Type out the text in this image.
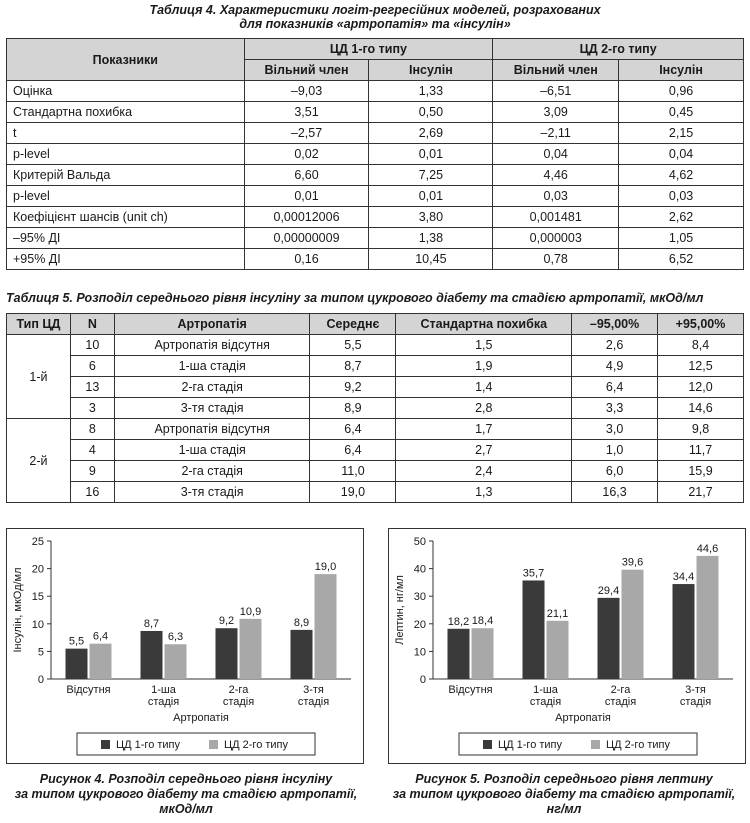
Таблиця 4. Характеристики логіт-регресійних моделей, розрахованих
для показників «артропатія» та «інсулін»
Показники	ЦД 1-го типу		ЦД 2-го типу	
	Вільний член	Інсулін	Вільний член	Інсулін
Оцінка	–9,03	1,33	–6,51	0,96
Стандартна похибка	3,51	0,50	3,09	0,45
t	–2,57	2,69	–2,11	2,15
p-level	0,02	0,01	0,04	0,04
Критерій Вальда	6,60	7,25	4,46	4,62
p-level	0,01	0,01	0,03	0,03
Коефіцієнт шансів (unit ch)	0,00012006	3,80	0,001481	2,62
–95% ДІ	0,00000009	1,38	0,000003	1,05
+95% ДІ	0,16	10,45	0,78	6,52
Таблиця 5. Розподіл середнього рівня інсуліну за типом цукрового діабету та стадією артропатії, мкОд/мл
Тип ЦД	N	Артропатія	Середнє	Стандартна похибка	–95,00%	+95,00%
1-й	10	Артропатія відсутня	5,5	1,5	2,6	8,4
	6	1-ша стадія	8,7	1,9	4,9	12,5
	13	2-га стадія	9,2	1,4	6,4	12,0
	3	3-тя стадія	8,9	2,8	3,3	14,6
2-й	8	Артропатія відсутня	6,4	1,7	3,0	9,8
	4	1-ша стадія	6,4	2,7	1,0	11,7
	9	2-га стадія	11,0	2,4	6,0	15,9
	16	3-тя стадія	19,0	1,3	16,3	21,7
0
5
10
15
20
25
Інсулін, мкОд/мл	5,5 6,4
Відсутня
8,7
6,3
1-ша
стадія
9,2
10,9
2-га
стадія
8,9
19,0
3-тя
стадія
Артропатія
ЦД 1-го типу	ЦД 2-го типу
0
10
20
30
40
50
Лептин, нг/мл	18,2 18,4
Відсутня
35,7
21,1
1-ша
стадія
29,4
39,6
2-га
стадія
34,4
44,6
3-тя
стадія
Артропатія
ЦД 1-го типу	ЦД 2-го типу
Рисунок 4. Розподіл середнього рівня інсуліну
за типом цукрового діабету та стадією артропатії,
мкОд/мл
Рисунок 5. Розподіл середнього рівня лептину
за типом цукрового діабету та стадією артропатії,
нг/мл
